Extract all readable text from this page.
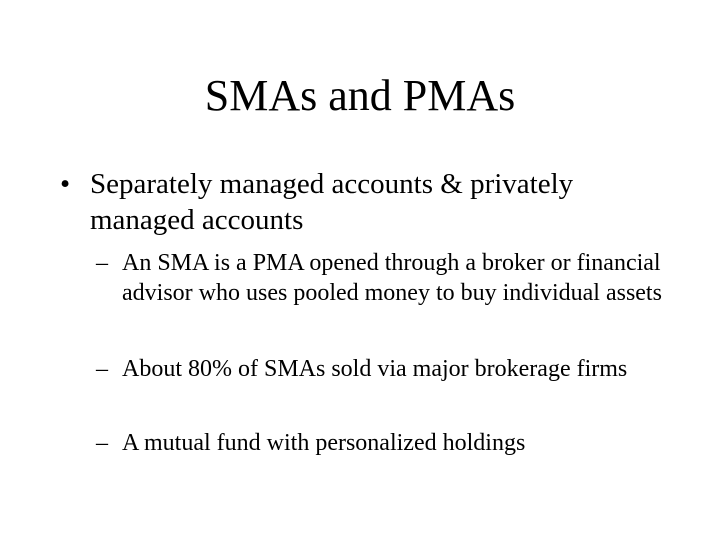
SMAs and PMAs
• Separately managed accounts & privately managed accounts
– An SMA is a PMA opened through a broker or financial advisor who uses pooled money to buy individual assets
– About 80% of SMAs sold via major brokerage firms
– A mutual fund with personalized holdings
